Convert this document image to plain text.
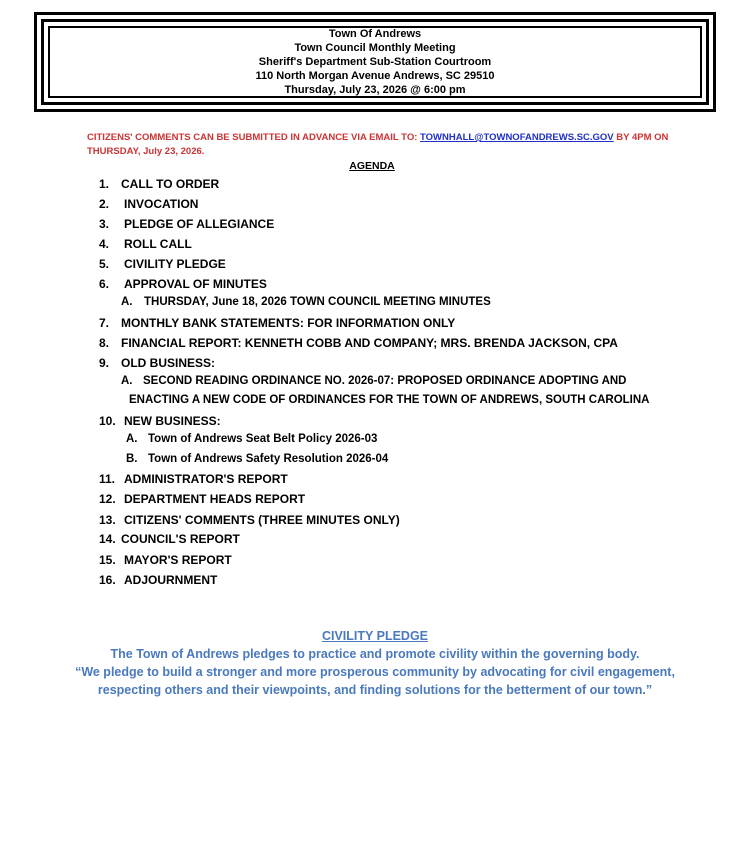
Town Of Andrews
Town Council Monthly Meeting
Sheriff's Department Sub-Station Courtroom
110 North Morgan Avenue Andrews, SC 29510
Thursday, July 23, 2026 @ 6:00 pm
CITIZENS' COMMENTS CAN BE SUBMITTED IN ADVANCE VIA EMAIL TO: TOWNHALL@TOWNOFANDREWS.SC.GOV BY 4PM ON THURSDAY, July 23, 2026.
AGENDA
1. CALL TO ORDER
2. INVOCATION
3. PLEDGE OF ALLEGIANCE
4. ROLL CALL
5. CIVILITY PLEDGE
6. APPROVAL OF MINUTES
A. THURSDAY, June 18, 2026 TOWN COUNCIL MEETING MINUTES
7. MONTHLY BANK STATEMENTS: FOR INFORMATION ONLY
8. FINANCIAL REPORT: KENNETH COBB AND COMPANY; MRS. BRENDA JACKSON, CPA
9. OLD BUSINESS:
A. SECOND READING ORDINANCE NO. 2026-07: PROPOSED ORDINANCE ADOPTING AND
ENACTING A NEW CODE OF ORDINANCES FOR THE TOWN OF ANDREWS, SOUTH CAROLINA
10. NEW BUSINESS:
A. Town of Andrews Seat Belt Policy 2026-03
B. Town of Andrews Safety Resolution 2026-04
11. ADMINISTRATOR'S REPORT
12. DEPARTMENT HEADS REPORT
13. CITIZENS' COMMENTS (THREE MINUTES ONLY)
14. COUNCIL'S REPORT
15. MAYOR'S REPORT
16. ADJOURNMENT
CIVILITY PLEDGE
The Town of Andrews pledges to practice and promote civility within the governing body.
“We pledge to build a stronger and more prosperous community by advocating for civil engagement,
respecting others and their viewpoints, and finding solutions for the betterment of our town.”
